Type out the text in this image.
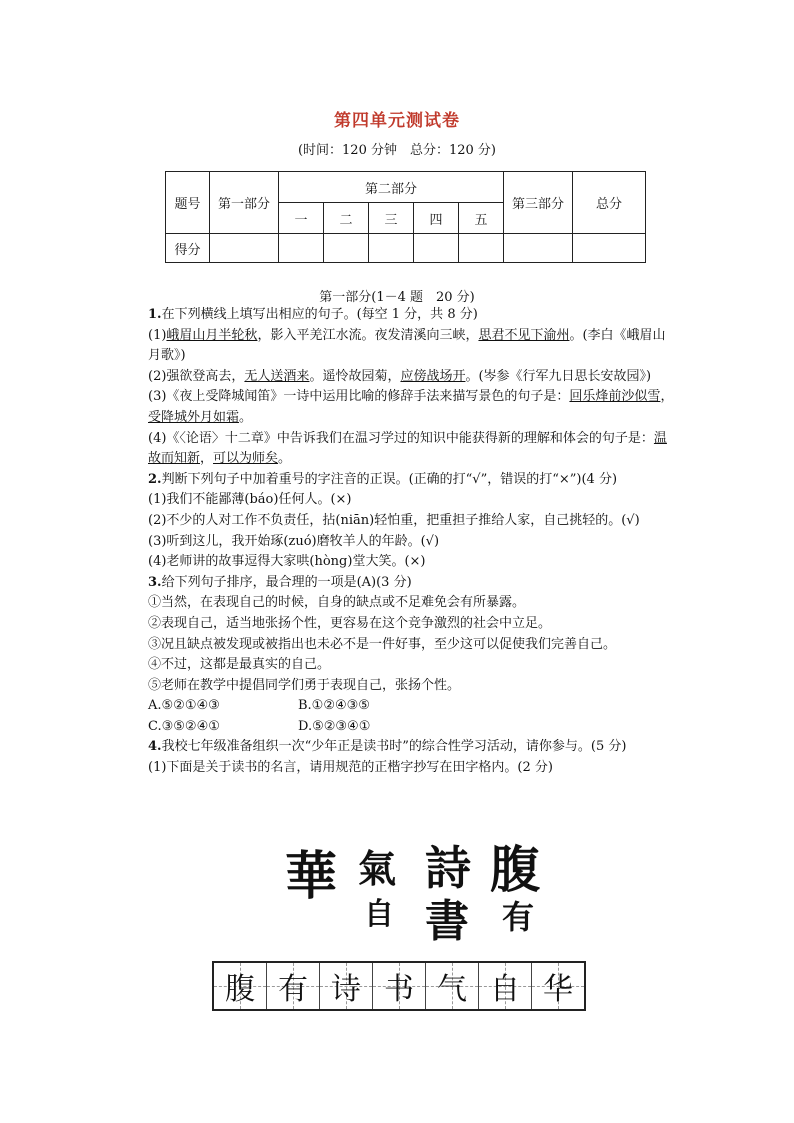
第四单元测试卷
(时间：120 分钟　总分：120 分)
题号	第一部分	第二部分					第三部分	总分
		一	二	三	四	五		
得分								
第一部分(1－4 题　20 分)

1.在下列横线上填写出相应的句子。(每空 1 分，共 8 分)

(1)峨眉山月半轮秋，影入平羌江水流。夜发清溪向三峡，思君不见下渝州。(李白《峨眉山月歌》)

(2)强欲登高去，无人送酒来。遥怜故园菊，应傍战场开。(岑参《行军九日思长安故园》)

(3)《夜上受降城闻笛》一诗中运用比喻的修辞手法来描写景色的句子是：回乐烽前沙似雪，受降城外月如霜。

(4)《〈论语〉十二章》中告诉我们在温习学过的知识中能获得新的理解和体会的句子是：温故而知新，可以为师矣。

2.判断下列句子中加着重号的字注音的正误。(正确的打“√”，错误的打“×”)(4 分)

(1)我们不能鄙薄(báo)任何人。(×)

(2)不少的人对工作不负责任，拈(niān)轻怕重，把重担子推给人家，自己挑轻的。(√)

(3)听到这儿，我开始琢(zuó)磨牧羊人的年龄。(√)

(4)老师讲的故事逗得大家哄(hòng)堂大笑。(×)

3.给下列句子排序，最合理的一项是(A)(3 分)

①当然，在表现自己的时候，自身的缺点或不足难免会有所暴露。

②表现自己，适当地张扬个性，更容易在这个竞争激烈的社会中立足。

③况且缺点被发现或被指出也未必不是一件好事，至少这可以促使我们完善自己。

④不过，这都是最真实的自己。

⑤老师在教学中提倡同学们勇于表现自己，张扬个性。

A.⑤②①④③	B.①②④③⑤

C.③⑤②④①	D.⑤②③④①

4.我校七年级准备组织一次“少年正是读书时”的综合性学习活动，请你参与。(5 分)

(1)下面是关于读书的名言，请用规范的正楷字抄写在田字格内。(2 分)

華 氣
自
詩
書
腹
有
腹 有 诗 书 气 自 华
